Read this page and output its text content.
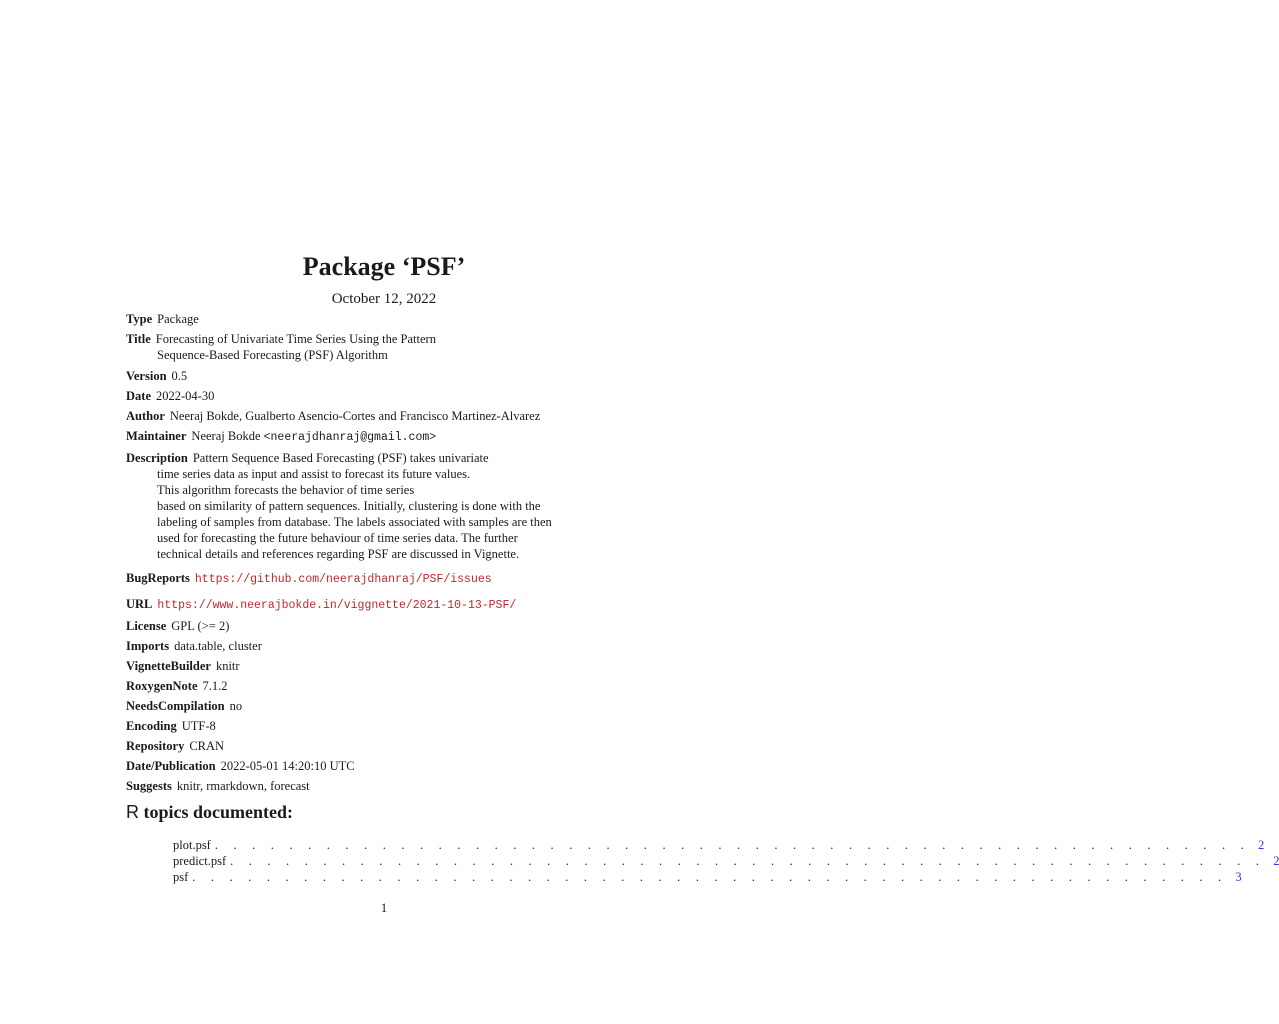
Package ‘PSF’
October 12, 2022
Type Package
Title Forecasting of Univariate Time Series Using the Pattern
Sequence-Based Forecasting (PSF) Algorithm
Version 0.5
Date 2022-04-30
Author Neeraj Bokde, Gualberto Asencio-Cortes and Francisco Martinez-Alvarez
Maintainer Neeraj Bokde <neerajdhanraj@gmail.com>
Description Pattern Sequence Based Forecasting (PSF) takes univariate
time series data as input and assist to forecast its future values.
This algorithm forecasts the behavior of time series
based on similarity of pattern sequences. Initially, clustering is done with the
labeling of samples from database. The labels associated with samples are then
used for forecasting the future behaviour of time series data. The further
technical details and references regarding PSF are discussed in Vignette.
BugReports https://github.com/neerajdhanraj/PSF/issues
URL https://www.neerajbokde.in/viggnette/2021-10-13-PSF/
License GPL (>= 2)
Imports data.table, cluster
VignetteBuilder knitr
RoxygenNote 7.1.2
NeedsCompilation no
Encoding UTF-8
Repository CRAN
Date/Publication 2022-05-01 14:20:10 UTC
Suggests knitr, rmarkdown, forecast
R topics documented:
plot.psf . . . . . . . . . . . . . . . . . . . . . . . . . . . . . . . . . . . . . . . . . . . . . . . . . . . . . . . . 2
predict.psf . . . . . . . . . . . . . . . . . . . . . . . . . . . . . . . . . . . . . . . . . . . . . . . . . . . . . . . . 2
psf . . . . . . . . . . . . . . . . . . . . . . . . . . . . . . . . . . . . . . . . . . . . . . . . . . . . . . . . 3
1
